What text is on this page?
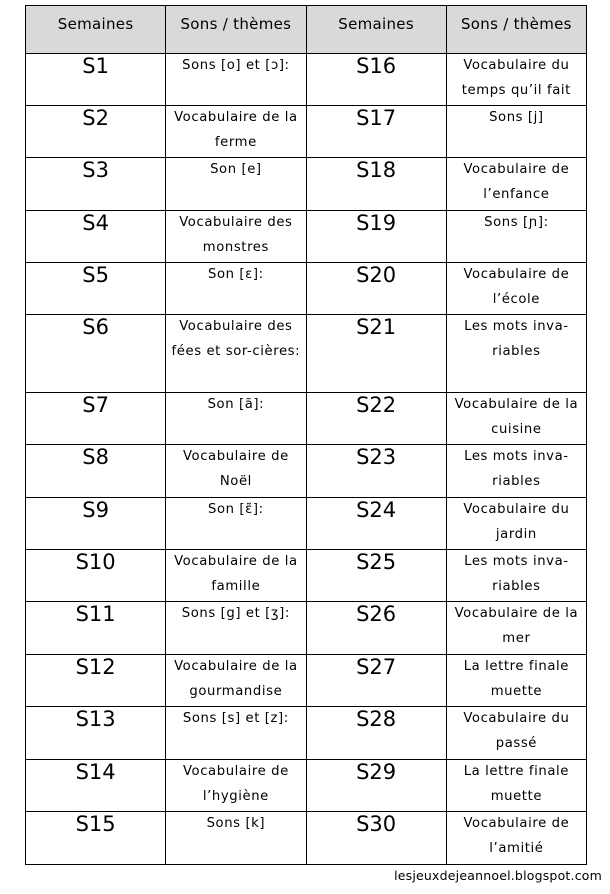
Semaines	Sons / thèmes	Semaines	Sons / thèmes
S1	Sons [o] et [ɔ]:	S16	Vocabulaire du temps qu’il fait

S2	Vocabulaire de la ferme	S17	Sons [j]

S3	Son [e]	S18	Vocabulaire de l’enfance

S4	Vocabulaire des monstres	S19	Sons [ɲ]:

S5	Son [ɛ]:	S20	Vocabulaire de l’école

S6	Vocabulaire des fées et sor-cières:	S21	Les mots inva-riables

S7	Son [ã]:	S22	Vocabulaire de la cuisine

S8	Vocabulaire de Noël	S23	Les mots inva-riables

S9	Son [ɛ̃]:	S24	Vocabulaire du jardin

S10	Vocabulaire de la famille	S25	Les mots inva-riables

S11	Sons [g] et [ʒ]:	S26	Vocabulaire de la mer

S12	Vocabulaire de la gourmandise	S27	La lettre finale muette

S13	Sons [s] et [z]:	S28	Vocabulaire du passé

S14	Vocabulaire de l’hygiène	S29	La lettre finale muette

S15	Sons [k]	S30	Vocabulaire de l’amitié
lesjeuxdejeannoel.blogspot.com
